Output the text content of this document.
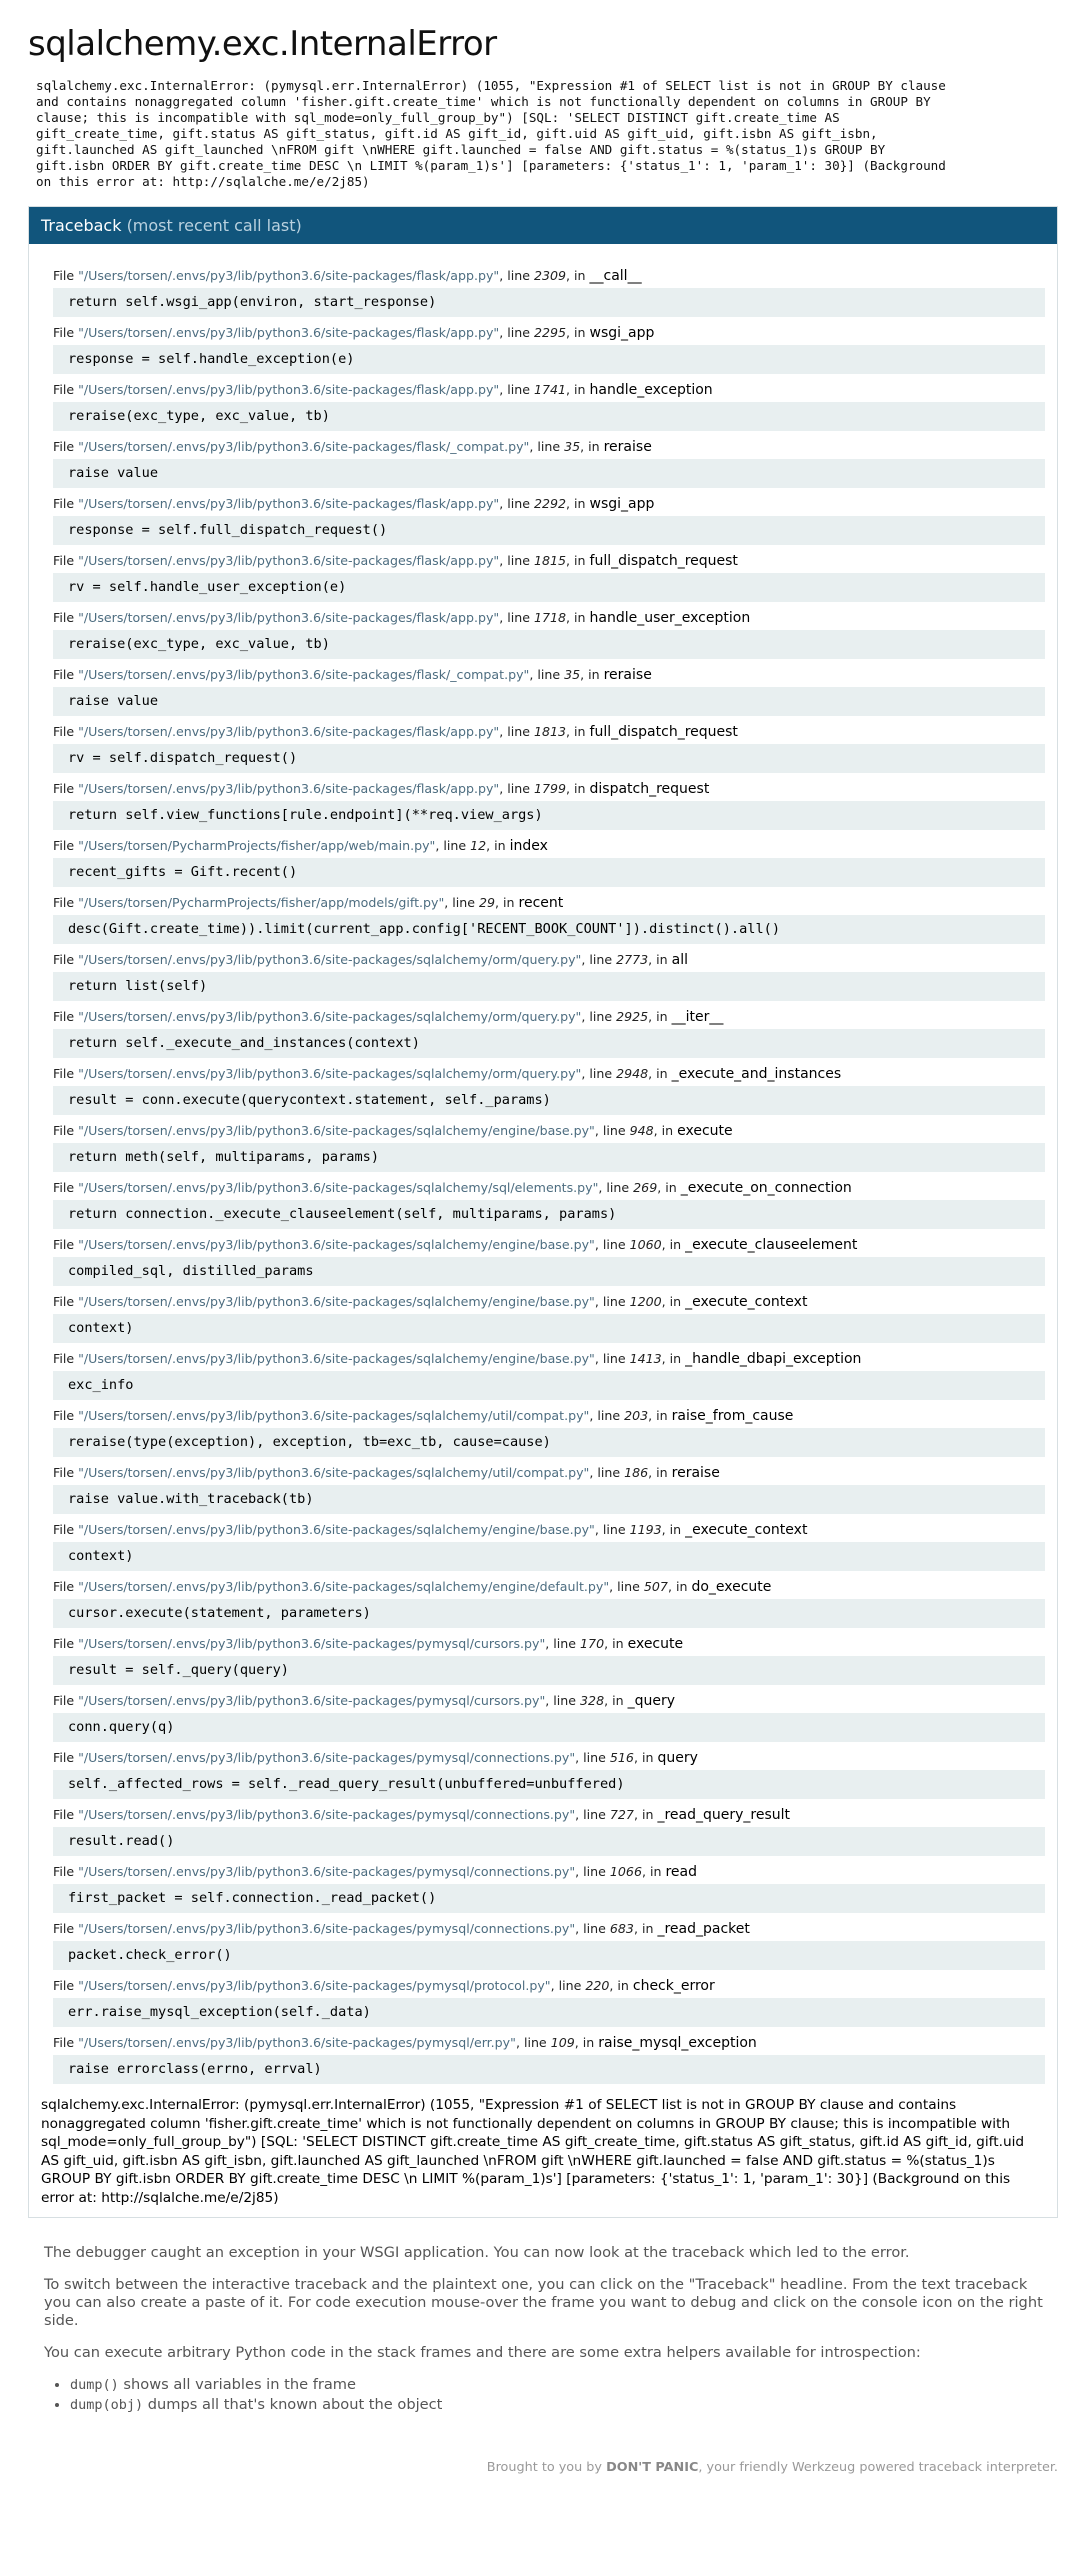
sqlalchemy.exc.InternalError
sqlalchemy.exc.InternalError: (pymysql.err.InternalError) (1055, "Expression #1 of SELECT list is not in GROUP BY clause
and contains nonaggregated column 'fisher.gift.create_time' which is not functionally dependent on columns in GROUP BY
clause; this is incompatible with sql_mode=only_full_group_by") [SQL: 'SELECT DISTINCT gift.create_time AS
gift_create_time, gift.status AS gift_status, gift.id AS gift_id, gift.uid AS gift_uid, gift.isbn AS gift_isbn,
gift.launched AS gift_launched \nFROM gift \nWHERE gift.launched = false AND gift.status = %(status_1)s GROUP BY
gift.isbn ORDER BY gift.create_time DESC \n LIMIT %(param_1)s'] [parameters: {'status_1': 1, 'param_1': 30}] (Background
on this error at: http://sqlalche.me/e/2j85)
Traceback (most recent call last)
File "/Users/torsen/.envs/py3/lib/python3.6/site-packages/flask/app.py", line 2309, in __call__
return self.wsgi_app(environ, start_response)
File "/Users/torsen/.envs/py3/lib/python3.6/site-packages/flask/app.py", line 2295, in wsgi_app
response = self.handle_exception(e)
File "/Users/torsen/.envs/py3/lib/python3.6/site-packages/flask/app.py", line 1741, in handle_exception
reraise(exc_type, exc_value, tb)
File "/Users/torsen/.envs/py3/lib/python3.6/site-packages/flask/_compat.py", line 35, in reraise
raise value
File "/Users/torsen/.envs/py3/lib/python3.6/site-packages/flask/app.py", line 2292, in wsgi_app
response = self.full_dispatch_request()
File "/Users/torsen/.envs/py3/lib/python3.6/site-packages/flask/app.py", line 1815, in full_dispatch_request
rv = self.handle_user_exception(e)
File "/Users/torsen/.envs/py3/lib/python3.6/site-packages/flask/app.py", line 1718, in handle_user_exception
reraise(exc_type, exc_value, tb)
File "/Users/torsen/.envs/py3/lib/python3.6/site-packages/flask/_compat.py", line 35, in reraise
raise value
File "/Users/torsen/.envs/py3/lib/python3.6/site-packages/flask/app.py", line 1813, in full_dispatch_request
rv = self.dispatch_request()
File "/Users/torsen/.envs/py3/lib/python3.6/site-packages/flask/app.py", line 1799, in dispatch_request
return self.view_functions[rule.endpoint](**req.view_args)
File "/Users/torsen/PycharmProjects/fisher/app/web/main.py", line 12, in index
recent_gifts = Gift.recent()
File "/Users/torsen/PycharmProjects/fisher/app/models/gift.py", line 29, in recent
desc(Gift.create_time)).limit(current_app.config['RECENT_BOOK_COUNT']).distinct().all()
File "/Users/torsen/.envs/py3/lib/python3.6/site-packages/sqlalchemy/orm/query.py", line 2773, in all
return list(self)
File "/Users/torsen/.envs/py3/lib/python3.6/site-packages/sqlalchemy/orm/query.py", line 2925, in __iter__
return self._execute_and_instances(context)
File "/Users/torsen/.envs/py3/lib/python3.6/site-packages/sqlalchemy/orm/query.py", line 2948, in _execute_and_instances
result = conn.execute(querycontext.statement, self._params)
File "/Users/torsen/.envs/py3/lib/python3.6/site-packages/sqlalchemy/engine/base.py", line 948, in execute
return meth(self, multiparams, params)
File "/Users/torsen/.envs/py3/lib/python3.6/site-packages/sqlalchemy/sql/elements.py", line 269, in _execute_on_connection
return connection._execute_clauseelement(self, multiparams, params)
File "/Users/torsen/.envs/py3/lib/python3.6/site-packages/sqlalchemy/engine/base.py", line 1060, in _execute_clauseelement
compiled_sql, distilled_params
File "/Users/torsen/.envs/py3/lib/python3.6/site-packages/sqlalchemy/engine/base.py", line 1200, in _execute_context
context)
File "/Users/torsen/.envs/py3/lib/python3.6/site-packages/sqlalchemy/engine/base.py", line 1413, in _handle_dbapi_exception
exc_info
File "/Users/torsen/.envs/py3/lib/python3.6/site-packages/sqlalchemy/util/compat.py", line 203, in raise_from_cause
reraise(type(exception), exception, tb=exc_tb, cause=cause)
File "/Users/torsen/.envs/py3/lib/python3.6/site-packages/sqlalchemy/util/compat.py", line 186, in reraise
raise value.with_traceback(tb)
File "/Users/torsen/.envs/py3/lib/python3.6/site-packages/sqlalchemy/engine/base.py", line 1193, in _execute_context
context)
File "/Users/torsen/.envs/py3/lib/python3.6/site-packages/sqlalchemy/engine/default.py", line 507, in do_execute
cursor.execute(statement, parameters)
File "/Users/torsen/.envs/py3/lib/python3.6/site-packages/pymysql/cursors.py", line 170, in execute
result = self._query(query)
File "/Users/torsen/.envs/py3/lib/python3.6/site-packages/pymysql/cursors.py", line 328, in _query
conn.query(q)
File "/Users/torsen/.envs/py3/lib/python3.6/site-packages/pymysql/connections.py", line 516, in query
self._affected_rows = self._read_query_result(unbuffered=unbuffered)
File "/Users/torsen/.envs/py3/lib/python3.6/site-packages/pymysql/connections.py", line 727, in _read_query_result
result.read()
File "/Users/torsen/.envs/py3/lib/python3.6/site-packages/pymysql/connections.py", line 1066, in read
first_packet = self.connection._read_packet()
File "/Users/torsen/.envs/py3/lib/python3.6/site-packages/pymysql/connections.py", line 683, in _read_packet
packet.check_error()
File "/Users/torsen/.envs/py3/lib/python3.6/site-packages/pymysql/protocol.py", line 220, in check_error
err.raise_mysql_exception(self._data)
File "/Users/torsen/.envs/py3/lib/python3.6/site-packages/pymysql/err.py", line 109, in raise_mysql_exception
raise errorclass(errno, errval)
sqlalchemy.exc.InternalError: (pymysql.err.InternalError) (1055, "Expression #1 of SELECT list is not in GROUP BY clause and contains nonaggregated column 'fisher.gift.create_time' which is not functionally dependent on columns in GROUP BY clause; this is incompatible with sql_mode=only_full_group_by") [SQL: 'SELECT DISTINCT gift.create_time AS gift_create_time, gift.status AS gift_status, gift.id AS gift_id, gift.uid AS gift_uid, gift.isbn AS gift_isbn, gift.launched AS gift_launched \nFROM gift \nWHERE gift.launched = false AND gift.status = %(status_1)s GROUP BY gift.isbn ORDER BY gift.create_time DESC \n LIMIT %(param_1)s'] [parameters: {'status_1': 1, 'param_1': 30}] (Background on this error at: http://sqlalche.me/e/2j85)

The debugger caught an exception in your WSGI application. You can now look at the traceback which led to the error.

To switch between the interactive traceback and the plaintext one, you can click on the "Traceback" headline. From the text traceback you can also create a paste of it. For code execution mouse-over the frame you want to debug and click on the console icon on the right side.

You can execute arbitrary Python code in the stack frames and there are some extra helpers available for introspection:

• dump() shows all variables in the frame
• dump(obj) dumps all that's known about the object
Brought to you by DON'T PANIC, your friendly Werkzeug powered traceback interpreter.
